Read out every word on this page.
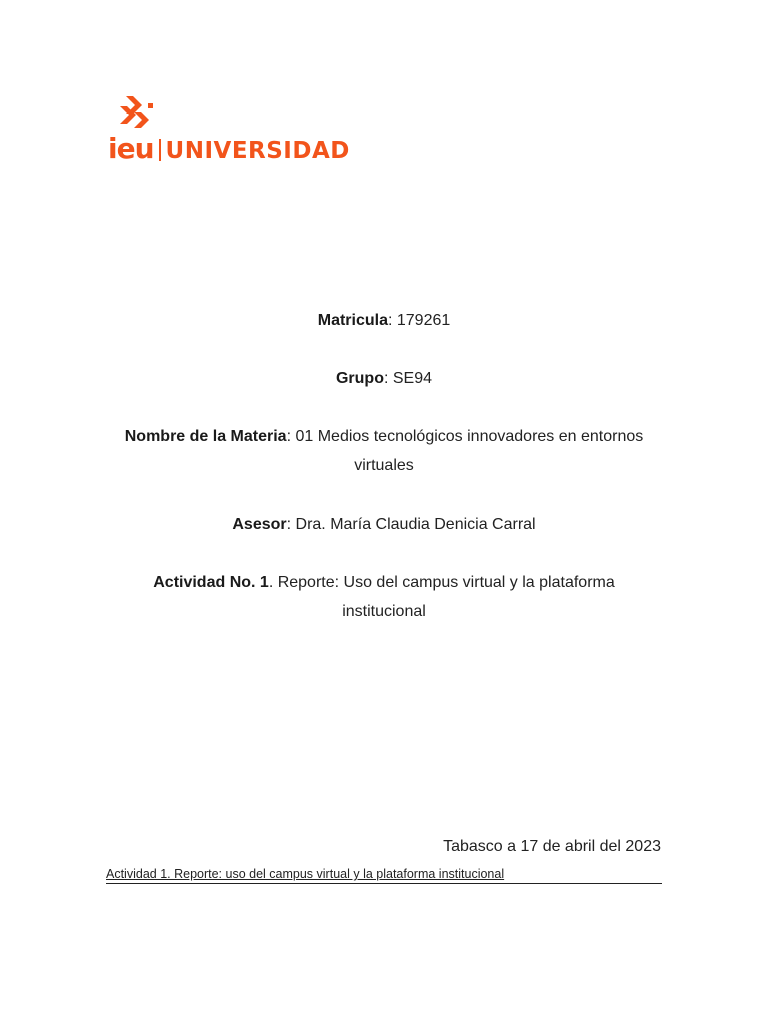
ieu UNIVERSIDAD
Matricula: 179261
Grupo: SE94
Nombre de la Materia: 01 Medios tecnológicos innovadores en entornos virtuales
Asesor: Dra. María Claudia Denicia Carral
Actividad No. 1. Reporte: Uso del campus virtual y la plataforma institucional
Tabasco a 17 de abril del 2023
Actividad 1. Reporte: uso del campus virtual y la plataforma institucional
